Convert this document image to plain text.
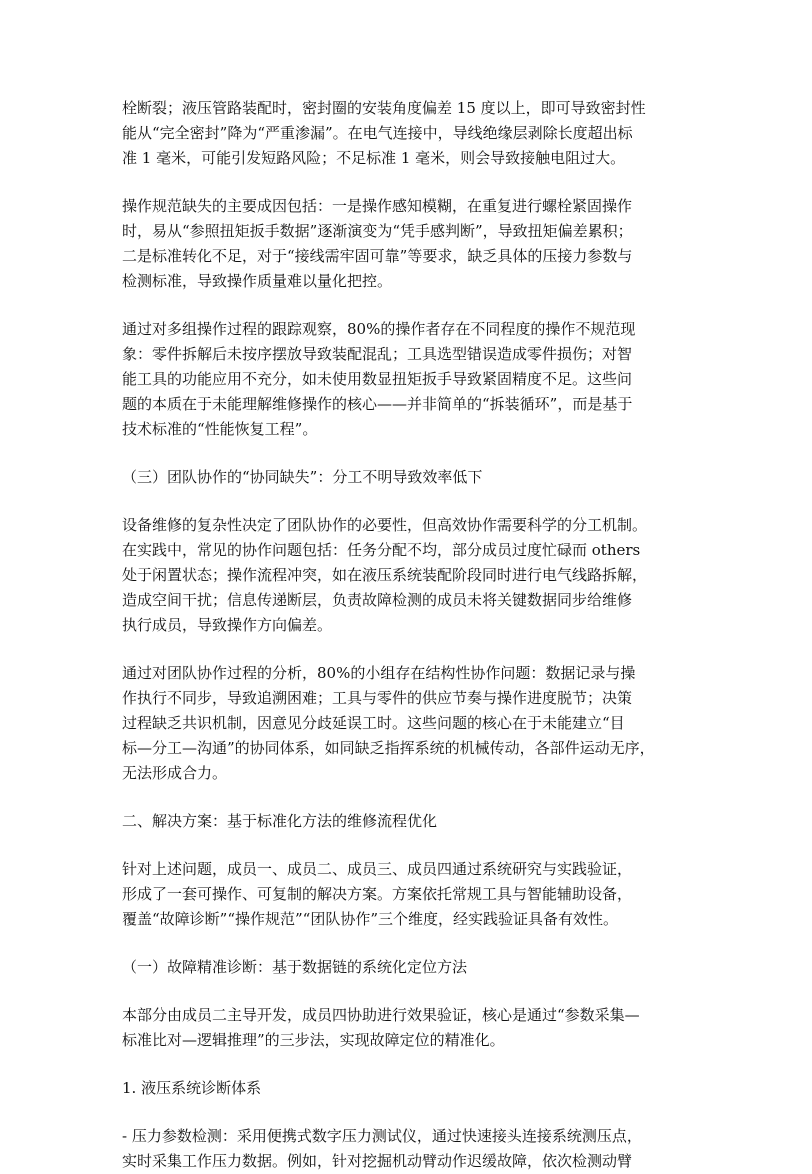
栓断裂；液压管路装配时，密封圈的安装角度偏差 15 度以上，即可导致密封性
能从“完全密封”降为“严重渗漏”。在电气连接中，导线绝缘层剥除长度超出标
准 1 毫米，可能引发短路风险；不足标准 1 毫米，则会导致接触电阻过大。
操作规范缺失的主要成因包括：一是操作感知模糊，在重复进行螺栓紧固操作
时，易从“参照扭矩扳手数据”逐渐演变为“凭手感判断”，导致扭矩偏差累积；
二是标准转化不足，对于“接线需牢固可靠”等要求，缺乏具体的压接力参数与
检测标准，导致操作质量难以量化把控。
通过对多组操作过程的跟踪观察，80%的操作者存在不同程度的操作不规范现
象：零件拆解后未按序摆放导致装配混乱；工具选型错误造成零件损伤；对智
能工具的功能应用不充分，如未使用数显扭矩扳手导致紧固精度不足。这些问
题的本质在于未能理解维修操作的核心——并非简单的“拆装循环”，而是基于
技术标准的“性能恢复工程”。
（三）团队协作的“协同缺失”：分工不明导致效率低下
设备维修的复杂性决定了团队协作的必要性，但高效协作需要科学的分工机制。
在实践中，常见的协作问题包括：任务分配不均，部分成员过度忙碌而 others
处于闲置状态；操作流程冲突，如在液压系统装配阶段同时进行电气线路拆解，
造成空间干扰；信息传递断层，负责故障检测的成员未将关键数据同步给维修
执行成员，导致操作方向偏差。
通过对团队协作过程的分析，80%的小组存在结构性协作问题：数据记录与操
作执行不同步，导致追溯困难；工具与零件的供应节奏与操作进度脱节；决策
过程缺乏共识机制，因意见分歧延误工时。这些问题的核心在于未能建立“目
标—分工—沟通”的协同体系，如同缺乏指挥系统的机械传动，各部件运动无序，
无法形成合力。
二、解决方案：基于标准化方法的维修流程优化
针对上述问题，成员一、成员二、成员三、成员四通过系统研究与实践验证，
形成了一套可操作、可复制的解决方案。方案依托常规工具与智能辅助设备，
覆盖“故障诊断”“操作规范”“团队协作”三个维度，经实践验证具备有效性。
（一）故障精准诊断：基于数据链的系统化定位方法
本部分由成员二主导开发，成员四协助进行效果验证，核心是通过“参数采集—
标准比对—逻辑推理”的三步法，实现故障定位的精准化。
1. 液压系统诊断体系
- 压力参数检测：采用便携式数字压力测试仪，通过快速接头连接系统测压点，
实时采集工作压力数据。例如，针对挖掘机动臂动作迟缓故障，依次检测动臂
